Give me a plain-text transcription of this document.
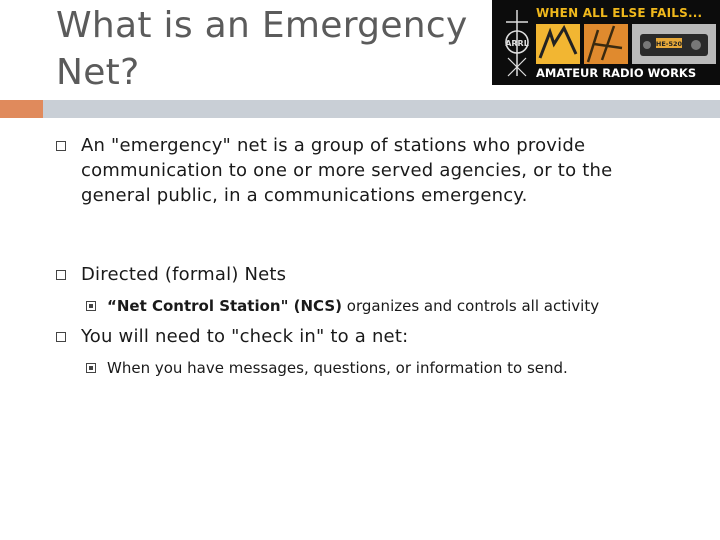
What is an Emergency Net?
ARRL
WHEN ALL ELSE FAILS...
HE-520
AMATEUR RADIO WORKS
An "emergency" net is a group of stations who provide communication to one or more served agencies, or to the general public, in a communications emergency.
Directed (formal) Nets
“Net Control Station" (NCS) organizes and controls all activity
You will need to "check in" to a net:
When you have messages, questions, or information to send.
